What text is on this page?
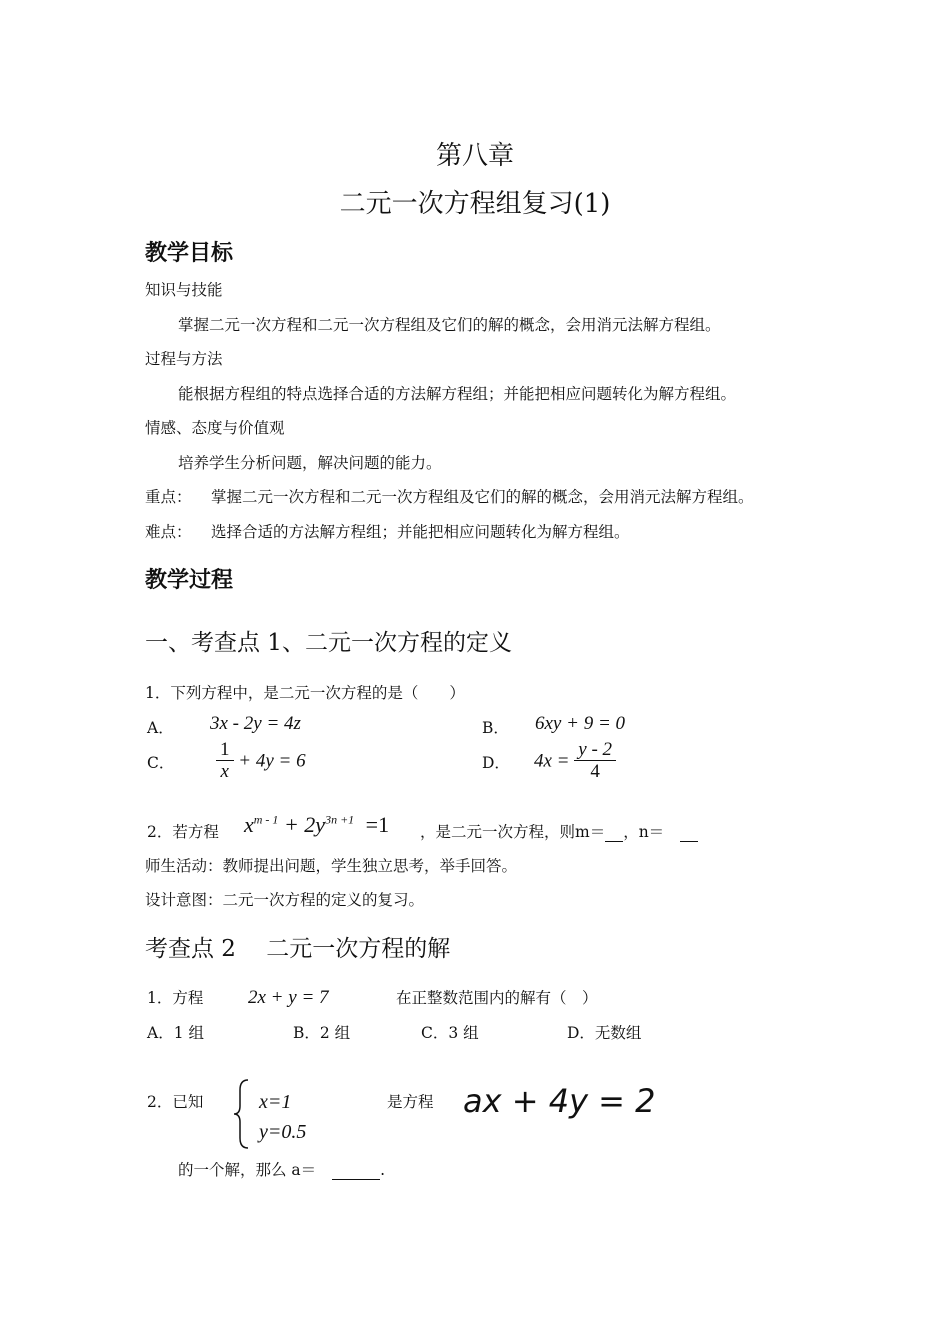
第八章
二元一次方程组复习(1)
教学目标
知识与技能
掌握二元一次方程和二元一次方程组及它们的解的概念，会用消元法解方程组。
过程与方法
能根据方程组的特点选择合适的方法解方程组；并能把相应问题转化为解方程组。
情感、态度与价值观
培养学生分析问题，解决问题的能力。
重点： 掌握二元一次方程和二元一次方程组及它们的解的概念，会用消元法解方程组。
难点： 选择合适的方法解方程组；并能把相应问题转化为解方程组。
教学过程
一、考查点 1、二元一次方程的定义
1．下列方程中，是二元一次方程的是（　　）
A． 3x - 2y = 4z	B． 6xy + 9 = 0
C． $\frac{1}{x} + 4y = 6$	D． $4x = \frac{y - 2}{4}$
2．若方程 $x^{m - 1} + 2y^{3n +1} =1$ ，是二元一次方程，则m＝ ，n＝
师生活动：教师提出问题，学生独立思考，举手回答。
设计意图：二元一次方程的定义的复习。
考查点 2　 二元一次方程的解
1．方程 2x + y = 7	在正整数范围内的解有（　）
A．1 组	B．2 组	C．3 组	D．无数组
2．已知	x=1
y=0.5
是方程 ax + 4y = 2
的一个解，那么 a＝	.
